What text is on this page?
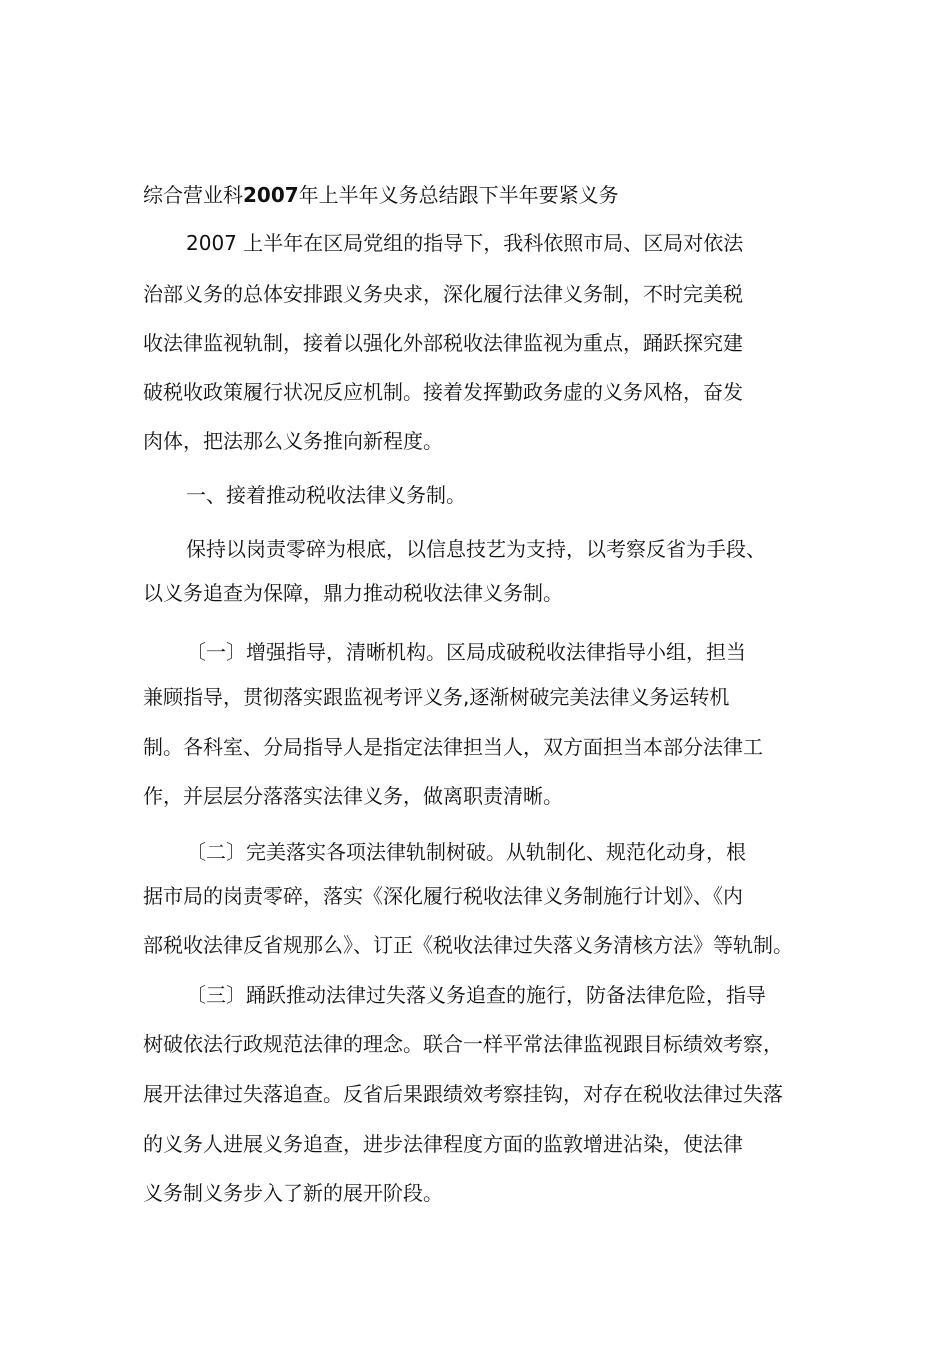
综合营业科2007年上半年义务总结跟下半年要紧义务
2007 上半年在区局党组的指导下，我科依照市局、区局对依法
治部义务的总体安排跟义务央求，深化履行法律义务制，不时完美税
收法律监视轨制，接着以强化外部税收法律监视为重点，踊跃探究建
破税收政策履行状况反应机制。接着发挥勤政务虚的义务风格，奋发
肉体，把法那么义务推向新程度。
一、接着推动税收法律义务制。
保持以岗责零碎为根底，以信息技艺为支持，以考察反省为手段、
以义务追查为保障，鼎力推动税收法律义务制。
〔一〕增强指导，清晰机构。区局成破税收法律指导小组，担当
兼顾指导，贯彻落实跟监视考评义务,逐渐树破完美法律义务运转机
制。各科室、分局指导人是指定法律担当人，双方面担当本部分法律工
作，并层层分落落实法律义务，做离职责清晰。
〔二〕完美落实各项法律轨制树破。从轨制化、规范化动身，根
据市局的岗责零碎，落实《深化履行税收法律义务制施行计划》、《内
部税收法律反省规那么》、订正《税收法律过失落义务清核方法》等轨制。
〔三〕踊跃推动法律过失落义务追查的施行，防备法律危险，指导
树破依法行政规范法律的理念。联合一样平常法律监视跟目标绩效考察，
展开法律过失落追查。反省后果跟绩效考察挂钩，对存在税收法律过失落
的义务人进展义务追查，进步法律程度方面的监敦增进沾染，使法律
义务制义务步入了新的展开阶段。
